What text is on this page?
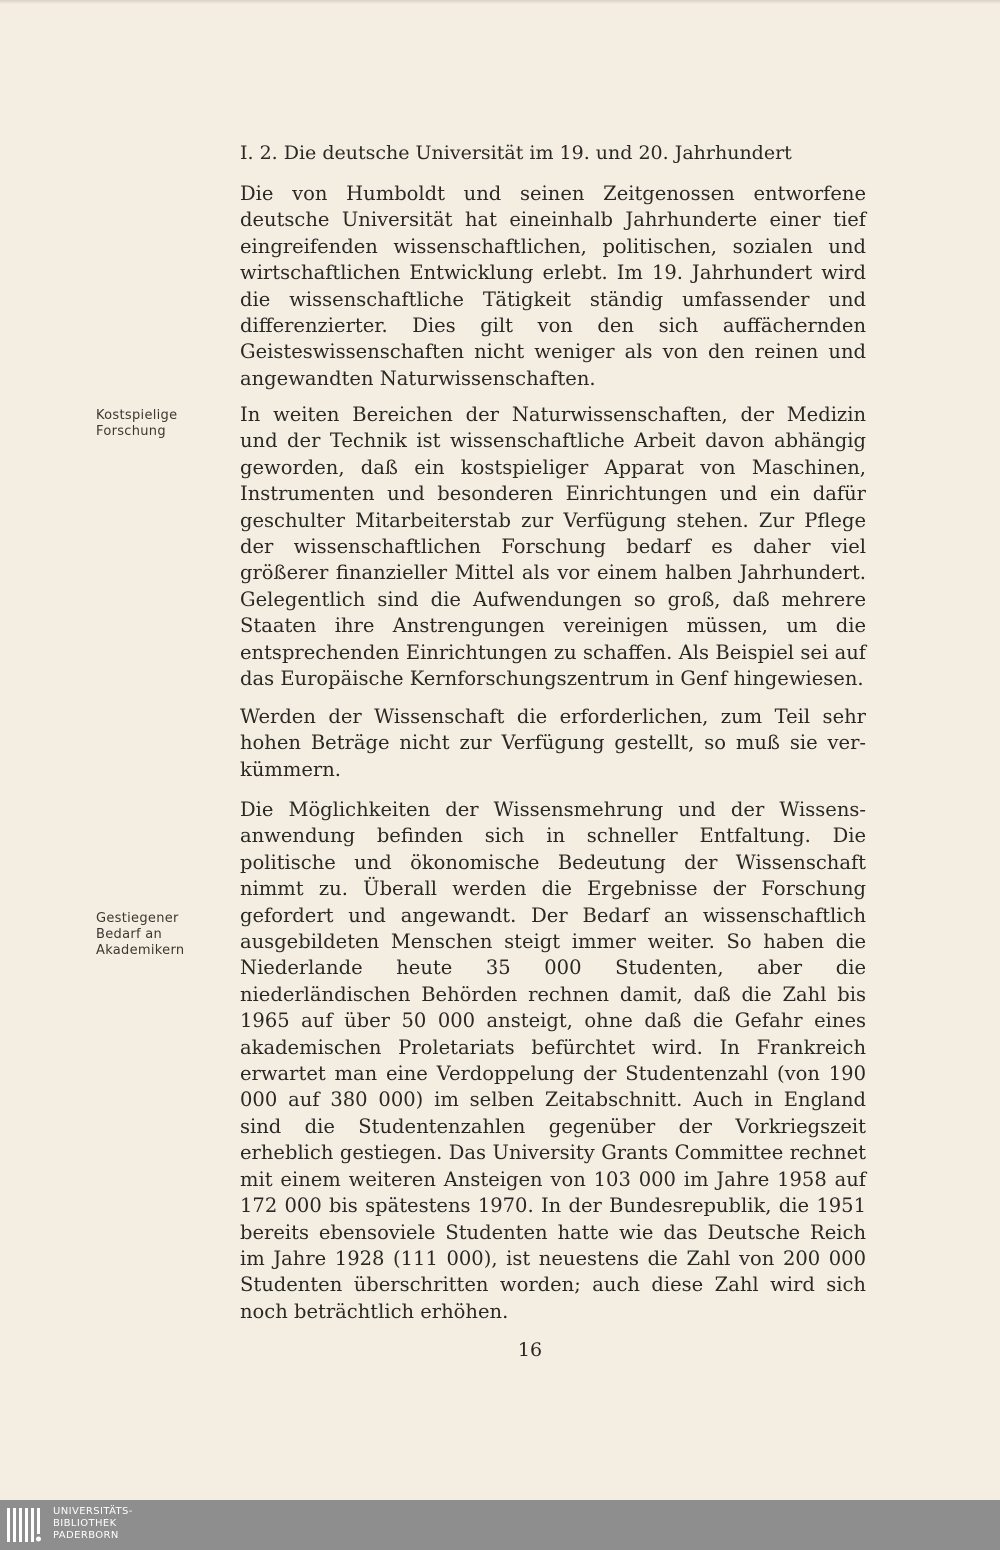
I. 2. Die deutsche Universität im 19. und 20. Jahrhundert

Die von Humboldt und seinen Zeitgenossen entworfene deutsche Universität hat eineinhalb Jahrhunderte einer tief eingreifenden wissenschaftlichen, politischen, sozialen und wirtschaftlichen Entwicklung erlebt. Im 19. Jahrhundert wird die wissenschaftliche Tätigkeit ständig umfassender und differenzierter. Dies gilt von den sich auffächernden Geisteswissenschaften nicht weniger als von den reinen und angewandten Naturwissenschaften.

Kostspielige
Forschung

In weiten Bereichen der Naturwissenschaften, der Medizin und der Technik ist wissenschaftliche Arbeit davon abhängig geworden, daß ein kostspieliger Apparat von Maschinen, Instrumenten und besonderen Einrichtungen und ein dafür geschulter Mitarbeiterstab zur Verfügung stehen. Zur Pflege der wissenschaftlichen Forschung bedarf es daher viel größerer finanzieller Mittel als vor einem halben Jahrhundert. Gelegentlich sind die Aufwendungen so groß, daß mehrere Staaten ihre Anstrengungen vereinigen müssen, um die entsprechenden Einrichtungen zu schaffen. Als Beispiel sei auf das Europäische Kernforschungszentrum in Genf hingewiesen.

Werden der Wissenschaft die erforderlichen, zum Teil sehr hohen Beträge nicht zur Verfügung gestellt, so muß sie verkümmern.

Gestiegener
Bedarf an
Akademikern

Die Möglichkeiten der Wissensmehrung und der Wissensanwendung befinden sich in schneller Entfaltung. Die politische und ökonomische Bedeutung der Wissenschaft nimmt zu. Überall werden die Ergebnisse der Forschung gefordert und angewandt. Der Bedarf an wissenschaftlich ausgebildeten Menschen steigt immer weiter. So haben die Niederlande heute 35 000 Studenten, aber die niederländischen Behörden rechnen damit, daß die Zahl bis 1965 auf über 50 000 ansteigt, ohne daß die Gefahr eines akademischen Proletariats befürchtet wird. In Frankreich erwartet man eine Verdoppelung der Studentenzahl (von 190 000 auf 380 000) im selben Zeitabschnitt. Auch in England sind die Studentenzahlen gegenüber der Vorkriegszeit erheblich gestiegen. Das University Grants Committee rechnet mit einem weiteren Ansteigen von 103 000 im Jahre 1958 auf 172 000 bis spätestens 1970. In der Bundesrepublik, die 1951 bereits ebensoviele Studenten hatte wie das Deutsche Reich im Jahre 1928 (111 000), ist neuestens die Zahl von 200 000 Studenten überschritten worden; auch diese Zahl wird sich noch beträchtlich erhöhen.

16
UNIVERSITÄTS-
BIBLIOTHEK
PADERBORN
